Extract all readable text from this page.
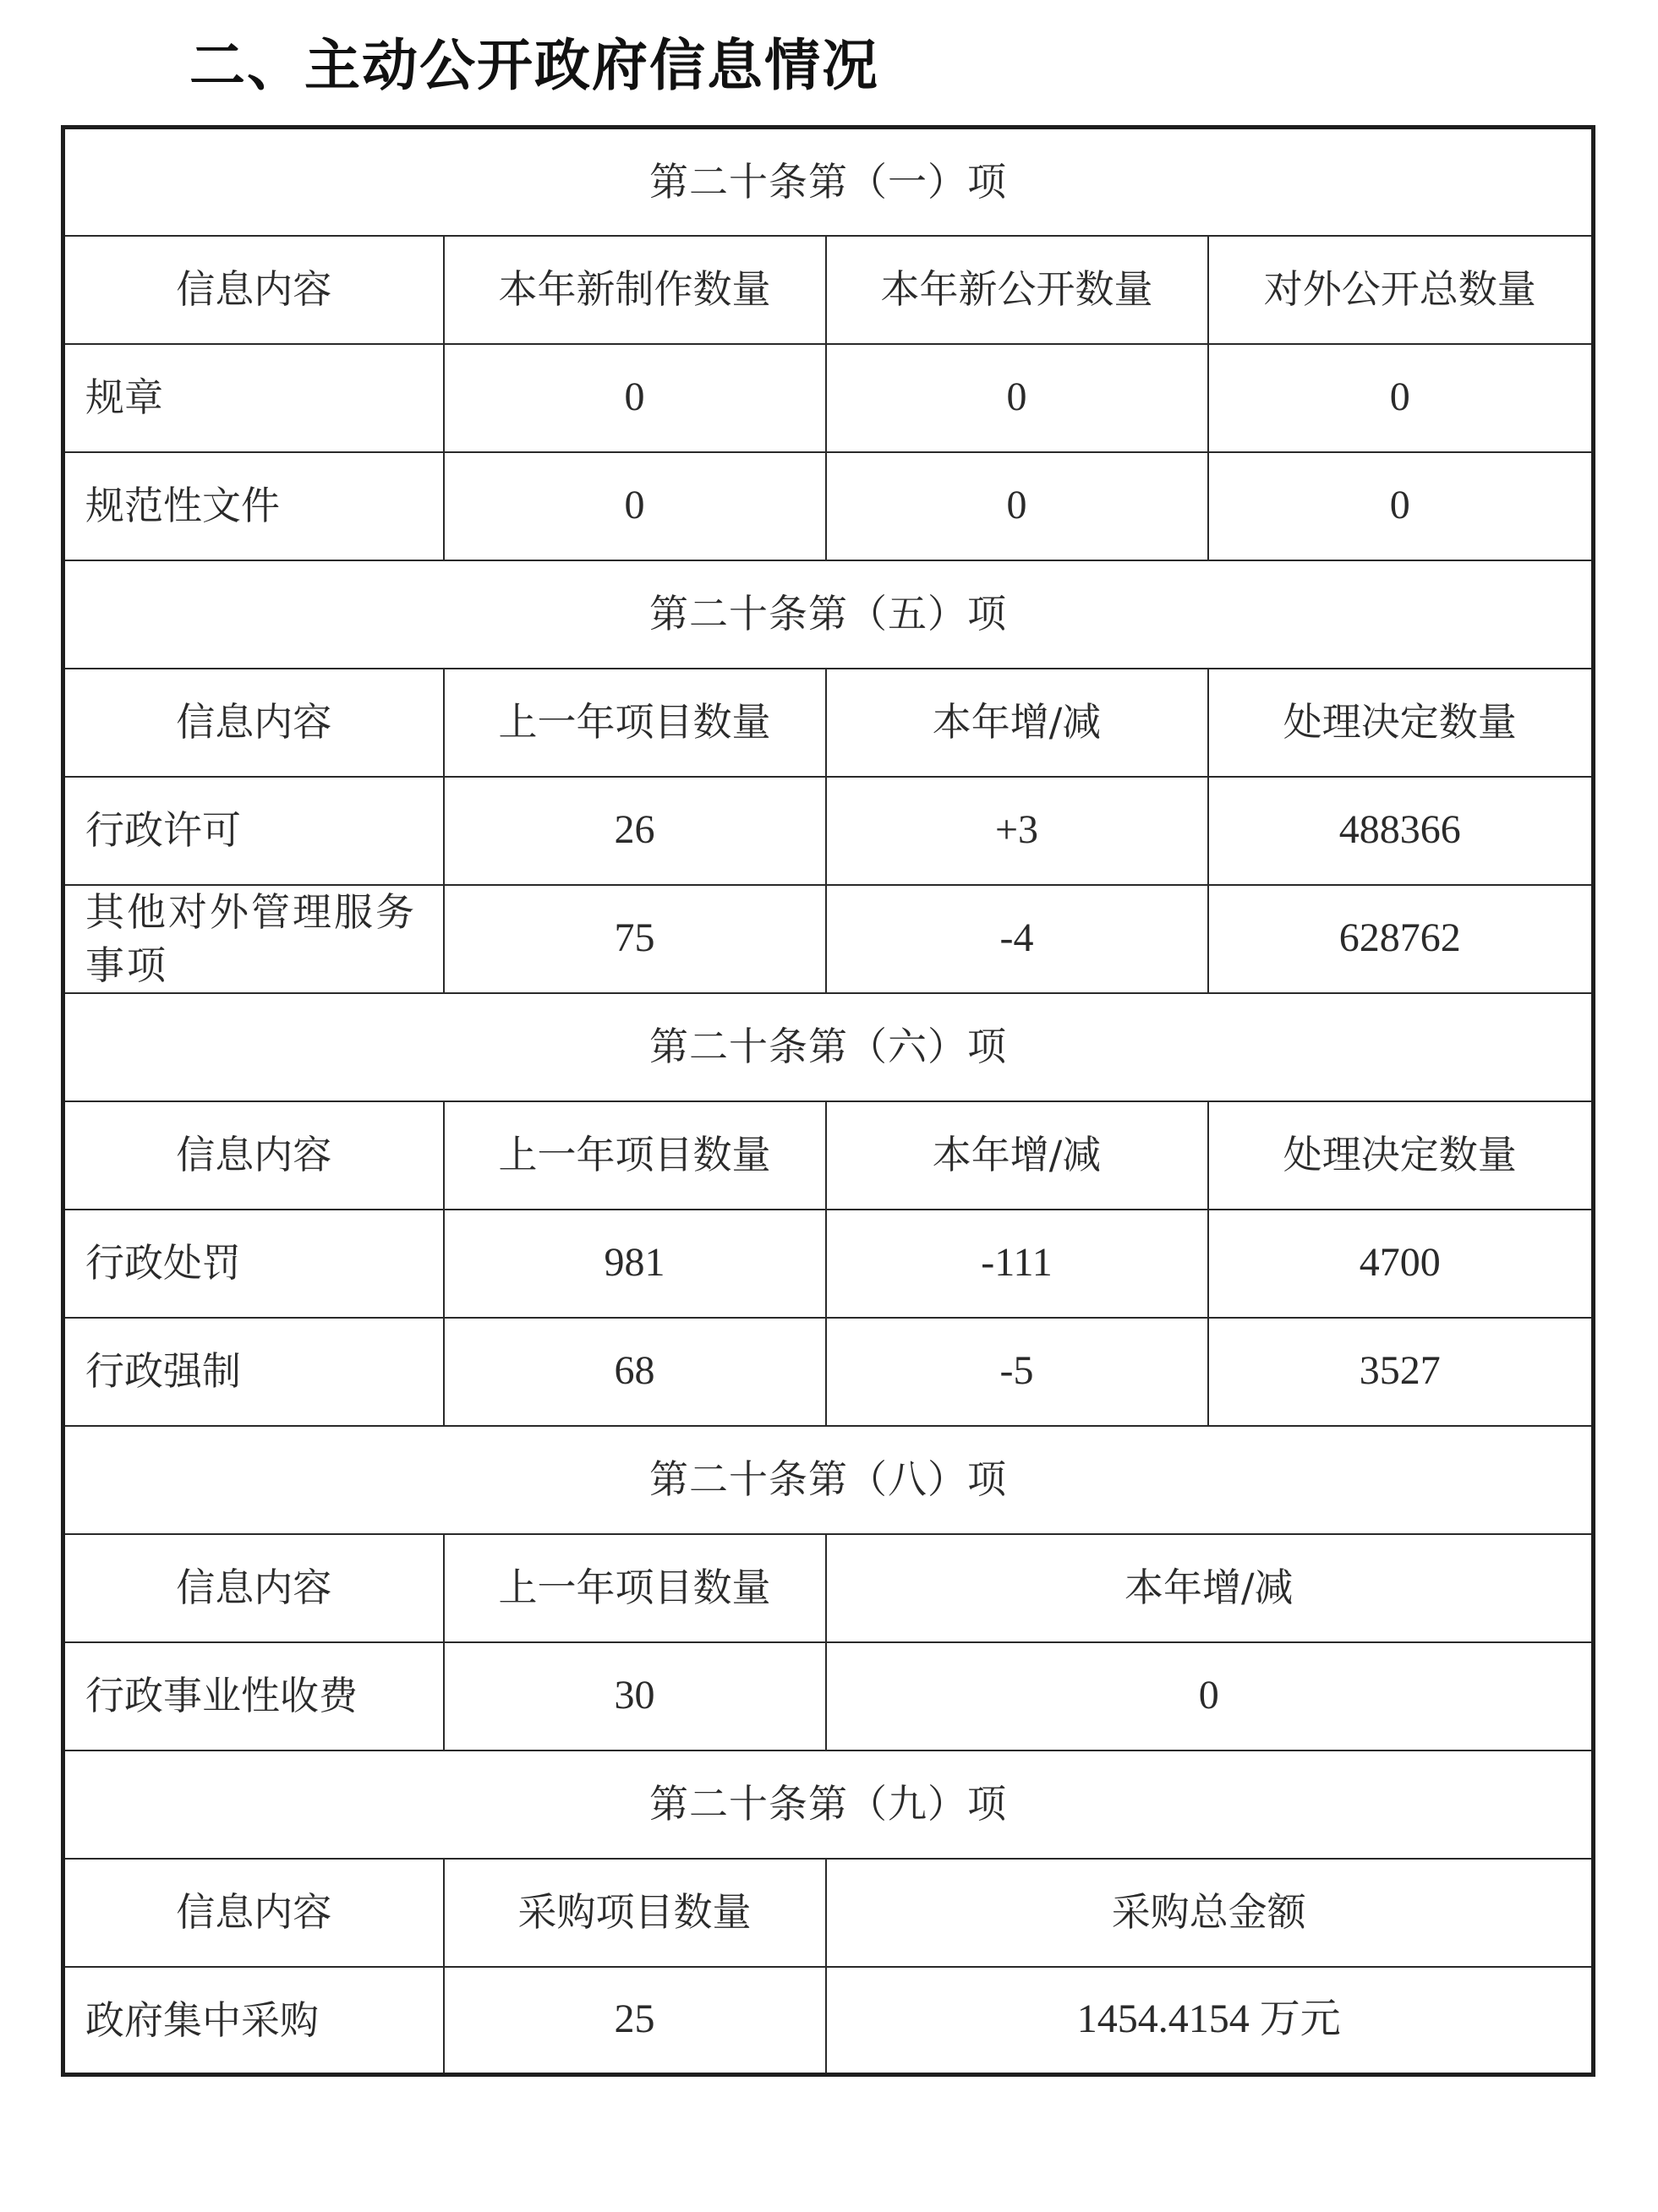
二、主动公开政府信息情况
第二十条第（一）项			
信息内容	本年新制作数量	本年新公开数量	对外公开总数量
规章	0	0	0
规范性文件	0	0	0
第二十条第（五）项			
信息内容	上一年项目数量	本年增/减	处理决定数量
行政许可	26	+3	488366
其他对外管理服务事项	75	-4	628762
第二十条第（六）项			
信息内容	上一年项目数量	本年增/减	处理决定数量
行政处罚	981	-111	4700
行政强制	68	-5	3527
第二十条第（八）项			
信息内容	上一年项目数量	本年增/减	
行政事业性收费	30	0	
第二十条第（九）项			
信息内容	采购项目数量	采购总金额	
政府集中采购	25	1454.4154 万元	
